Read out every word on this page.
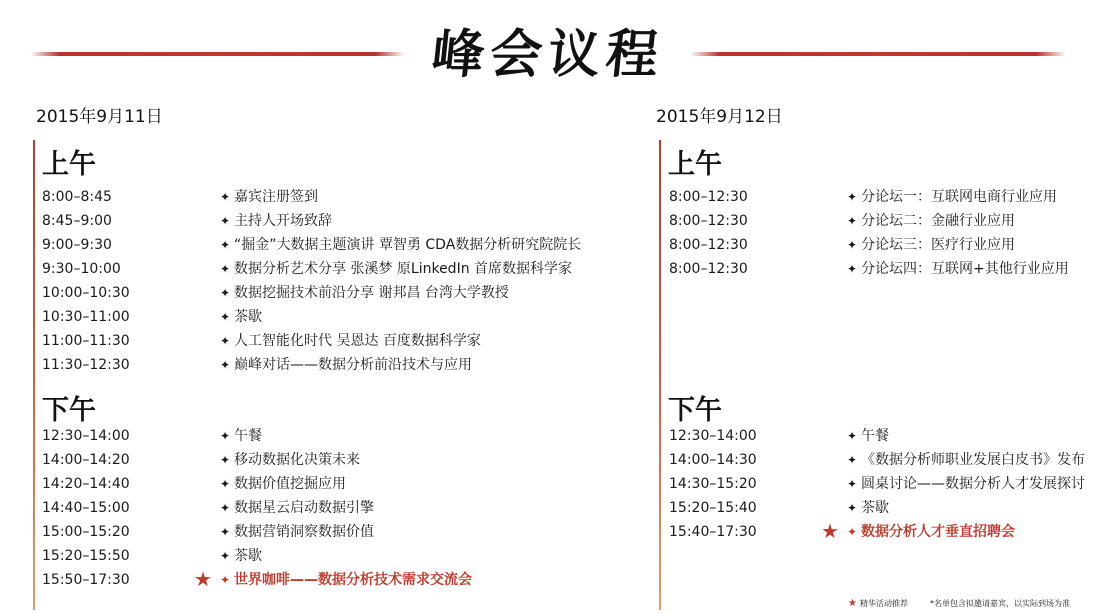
峰会议程
2015年9月11日
上午
8:00–8:45	✦ 嘉宾注册签到
8:45–9:00	✦ 主持人开场致辞
9:00–9:30	✦ “掘金”大数据主题演讲 覃智勇 CDA数据分析研究院院长
9:30–10:00	✦ 数据分析艺术分享 张溪梦 原LinkedIn 首席数据科学家
10:00–10:30	✦ 数据挖掘技术前沿分享 谢邦昌 台湾大学教授
10:30–11:00	✦ 茶歇
11:00–11:30	✦ 人工智能化时代 吴恩达 百度数据科学家
11:30–12:30	✦ 巅峰对话——数据分析前沿技术与应用
下午
12:30–14:00	✦ 午餐
14:00–14:20	✦ 移动数据化决策未来
14:20–14:40	✦ 数据价值挖掘应用
14:40–15:00	✦ 数据星云启动数据引擎
15:00–15:20	✦ 数据营销洞察数据价值
15:20–15:50	✦ 茶歇
15:50–17:30	★ ✦ 世界咖啡——数据分析技术需求交流会
2015年9月12日
上午
8:00–12:30	✦ 分论坛一：互联网电商行业应用
8:00–12:30	✦ 分论坛二：金融行业应用
8:00–12:30	✦ 分论坛三：医疗行业应用
8:00–12:30	✦ 分论坛四：互联网+其他行业应用
下午
12:30–14:00	✦ 午餐
14:00–14:30	✦ 《数据分析师职业发展白皮书》发布
14:30–15:20	✦ 圆桌讨论——数据分析人才发展探讨
15:20–15:40	✦ 茶歇
15:40–17:30	★ ✦ 数据分析人才垂直招聘会
★ 精华活动推荐	*名单包含拟邀请嘉宾，以实际到场为准
